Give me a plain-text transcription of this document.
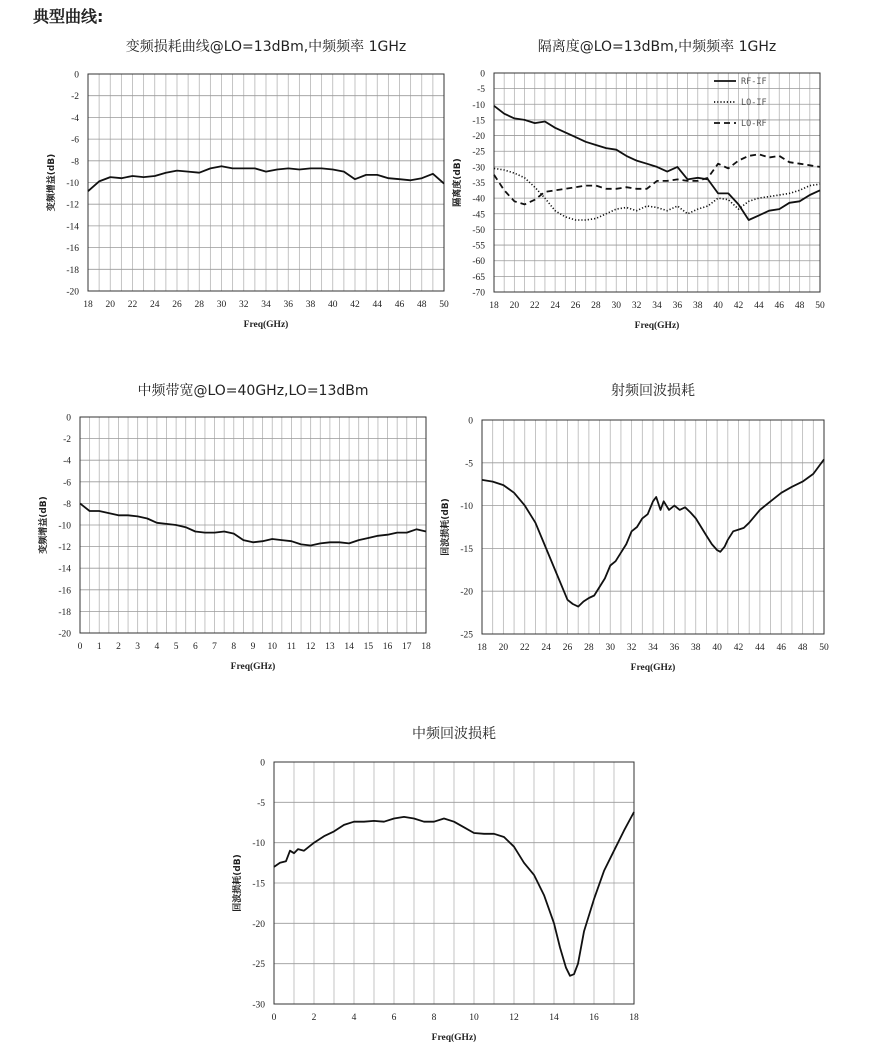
典型曲线:
变频损耗曲线@LO=13dBm,中频频率 1GHz	隔离度@LO=13dBm,中频频率 1GHz
中频带宽@LO=40GHz,LO=13dBm	射频回波损耗
中频回波损耗
18 20 22 24 26 28 30 32 34 36 38 40 42 44 46 48 50
0
-2
-4
-6
-8
-10
-12
-14
-16
-18
-20
Freq(GHz)
变频增益(dB)
18 20 22 24 26 28 30 32 34 36 38 40 42 44 46 48 50
0
-5
-10
-15
-20
-25
-30
-35
-40
-45
-50
-55
-60
-65
-70
Freq(GHz)
隔离度(dB)
RF-IF
LO-IF
LO-RF
0 1 2 3 4 5 6 7 8 9 10 11 12 13 14 15 16 17 18
0
-2
-4
-6
-8
-10
-12
-14
-16
-18
-20
Freq(GHz)
变频增益(dB)
18 20 22 24 26 28 30 32 34 36 38 40 42 44 46 48 50
0
-5
-10
-15
-20
-25
Freq(GHz)
回波损耗(dB)
0	2	4	6	8	10	12	14	16	18
0
-5
-10
-15
-20
-25
-30
Freq(GHz)
回波损耗(dB)
